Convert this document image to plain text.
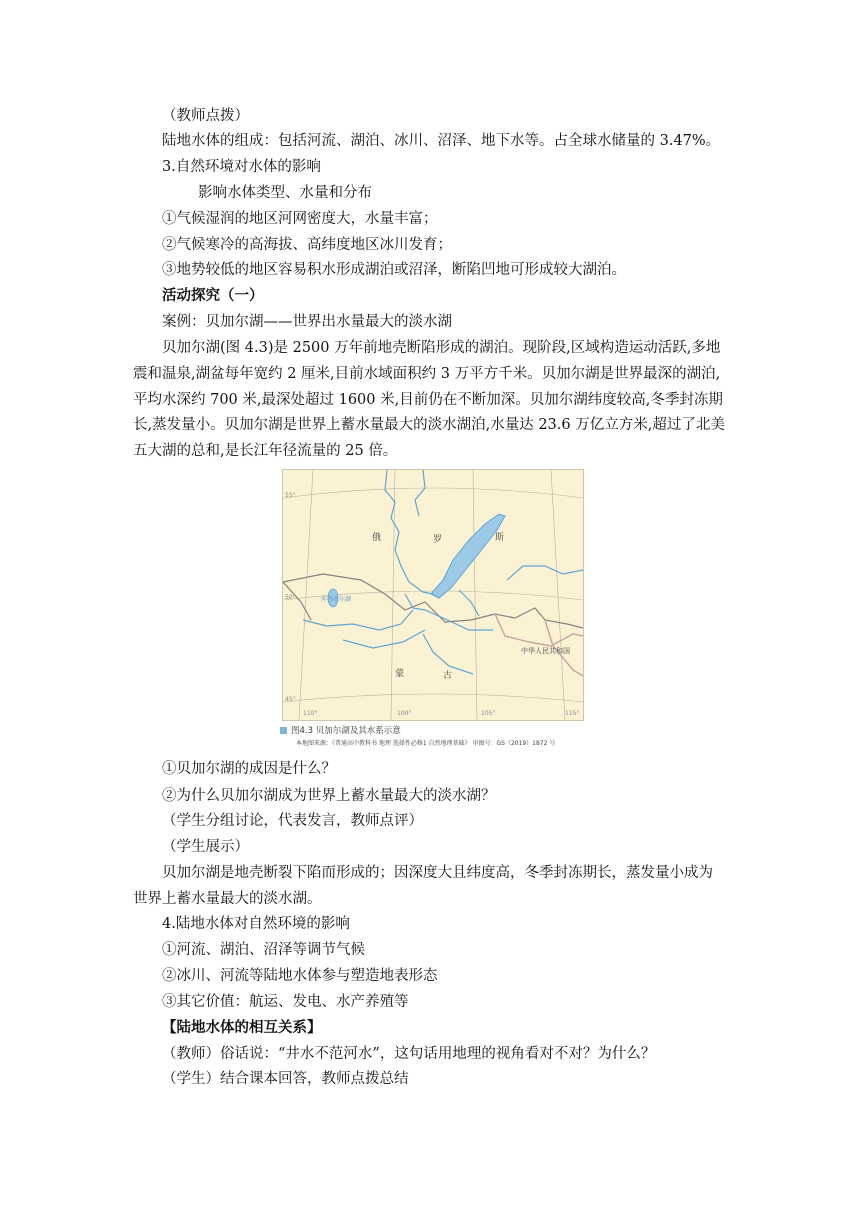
（教师点拨）
陆地水体的组成：包括河流、湖泊、冰川、沼泽、地下水等。占全球水储量的 3.47%。
3.自然环境对水体的影响
影响水体类型、水量和分布
①气候湿润的地区河网密度大，水量丰富；
②气候寒冷的高海拔、高纬度地区冰川发育；
③地势较低的地区容易积水形成湖泊或沼泽，断陷凹地可形成较大湖泊。
活动探究（一）
案例：贝加尔湖——世界出水量最大的淡水湖
贝加尔湖(图 4.3)是 2500 万年前地壳断陷形成的湖泊。现阶段,区域构造运动活跃,多地
震和温泉,湖盆每年宽约 2 厘米,目前水域面积约 3 万平方千米。贝加尔湖是世界最深的湖泊,
平均水深约 700 米,最深处超过 1600 米,目前仍在不断加深。贝加尔湖纬度较高,冬季封冻期
长,蒸发量小。贝加尔湖是世界上蓄水量最大的淡水湖泊,水量达 23.6 万亿立方米,超过了北美
五大湖的总和,是长江年径流量的 25 倍。
俄	罗	斯
蒙	古
中华人民共和国
库苏古尔湖
100°	105°
110°	115°
45°
50°
55°
图4.3 贝加尔湖及其水系示意
本地图来源：《普通高中教科书 地理 选择性必修1 自然地理基础》 审图号：GS（2019）1872 号
①贝加尔湖的成因是什么？
②为什么贝加尔湖成为世界上蓄水量最大的淡水湖？
（学生分组讨论，代表发言，教师点评）
（学生展示）
贝加尔湖是地壳断裂下陷而形成的；因深度大且纬度高，冬季封冻期长，蒸发量小成为
世界上蓄水量最大的淡水湖。
4.陆地水体对自然环境的影响
①河流、湖泊、沼泽等调节气候
②冰川、河流等陆地水体参与塑造地表形态
③其它价值：航运、发电、水产养殖等
【陆地水体的相互关系】
（教师）俗话说：“井水不范河水”，这句话用地理的视角看对不对？为什么？
（学生）结合课本回答，教师点拨总结
